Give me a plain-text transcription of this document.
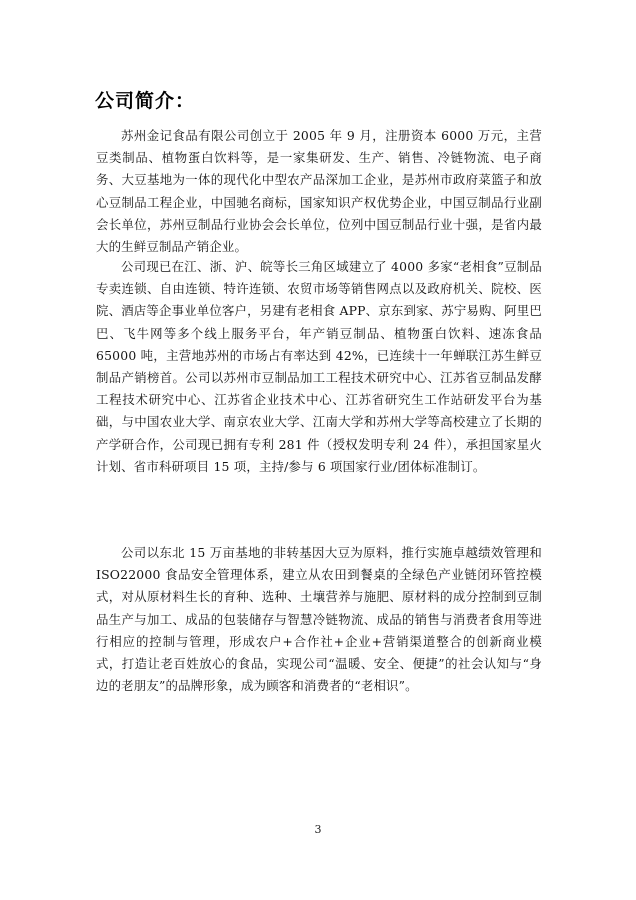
公司简介：

苏州金记食品有限公司创立于 2005 年 9 月，注册资本 6000 万元，主营豆类制品、植物蛋白饮料等，是一家集研发、生产、销售、冷链物流、电子商务、大豆基地为一体的现代化中型农产品深加工企业，是苏州市政府菜篮子和放心豆制品工程企业，中国驰名商标，国家知识产权优势企业，中国豆制品行业副会长单位，苏州豆制品行业协会会长单位，位列中国豆制品行业十强，是省内最大的生鲜豆制品产销企业。

公司现已在江、浙、沪、皖等长三角区域建立了 4000 多家“老相食”豆制品专卖连锁、自由连锁、特许连锁、农贸市场等销售网点以及政府机关、院校、医院、酒店等企事业单位客户，另建有老相食 APP、京东到家、苏宁易购、阿里巴巴、飞牛网等多个线上服务平台，年产销豆制品、植物蛋白饮料、速冻食品 65000 吨，主营地苏州的市场占有率达到 42%，已连续十一年蝉联江苏生鲜豆制品产销榜首。公司以苏州市豆制品加工工程技术研究中心、江苏省豆制品发酵工程技术研究中心、江苏省企业技术中心、江苏省研究生工作站研发平台为基础，与中国农业大学、南京农业大学、江南大学和苏州大学等高校建立了长期的产学研合作，公司现已拥有专利 281 件（授权发明专利 24 件），承担国家星火计划、省市科研项目 15 项，主持/参与 6 项国家行业/团体标准制订。

公司以东北 15 万亩基地的非转基因大豆为原料，推行实施卓越绩效管理和 ISO22000 食品安全管理体系，建立从农田到餐桌的全绿色产业链闭环管控模式，对从原材料生长的育种、选种、土壤营养与施肥、原材料的成分控制到豆制品生产与加工、成品的包装储存与智慧冷链物流、成品的销售与消费者食用等进行相应的控制与管理，形成农户+合作社+企业+营销渠道整合的创新商业模式，打造让老百姓放心的食品，实现公司“温暖、安全、便捷”的社会认知与“身边的老朋友”的品牌形象，成为顾客和消费者的“老相识”。

3
